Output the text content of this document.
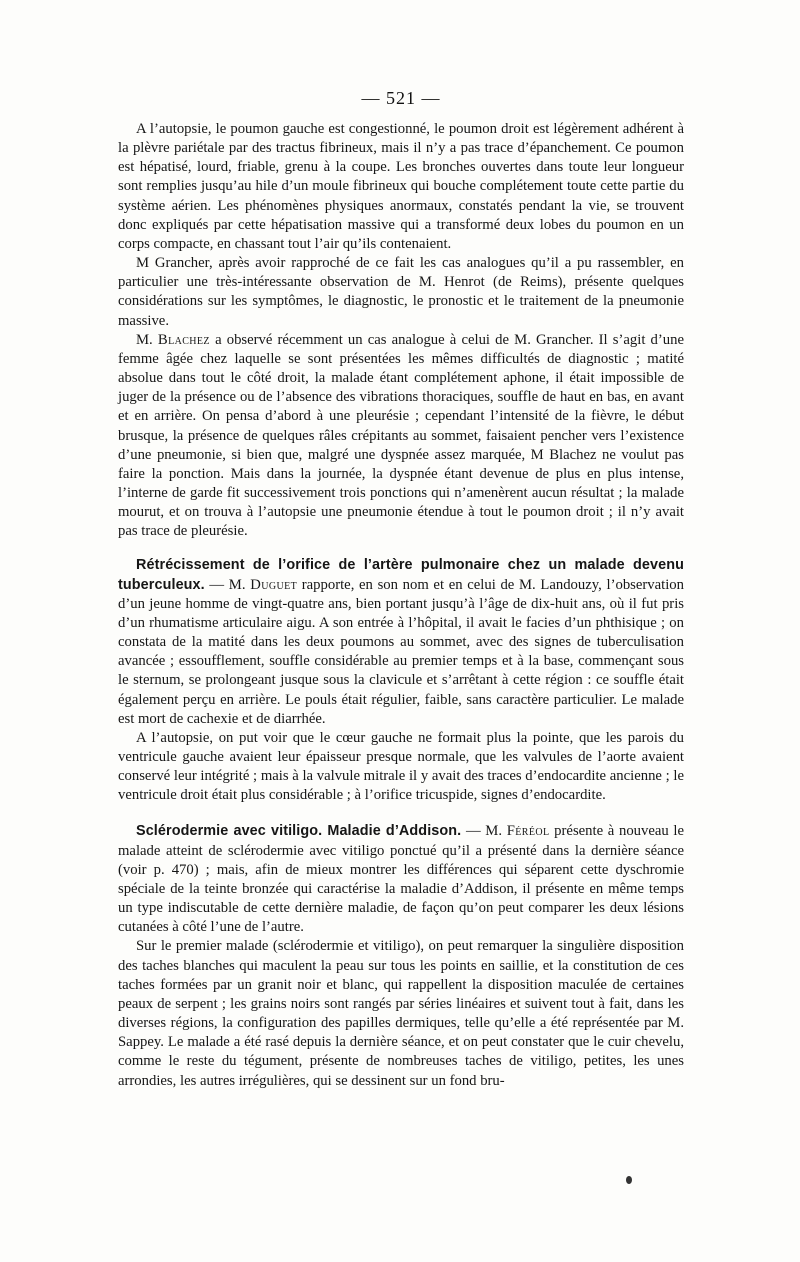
— 521 —

A l’autopsie, le poumon gauche est congestionné, le poumon droit est légèrement adhérent à la plèvre pariétale par des tractus fibrineux, mais il n’y a pas trace d’épanchement. Ce poumon est hépatisé, lourd, friable, grenu à la coupe. Les bronches ouvertes dans toute leur longueur sont remplies jusqu’au hile d’un moule fibrineux qui bouche complétement toute cette partie du système aérien. Les phénomènes physiques anormaux, constatés pendant la vie, se trouvent donc expliqués par cette hépatisation massive qui a transformé deux lobes du poumon en un corps compacte, en chassant tout l’air qu’ils contenaient.

M Grancher, après avoir rapproché de ce fait les cas analogues qu’il a pu rassembler, en particulier une très-intéressante observation de M. Henrot (de Reims), présente quelques considérations sur les symptômes, le diagnostic, le pronostic et le traitement de la pneumonie massive.

M. Blachez a observé récemment un cas analogue à celui de M. Grancher. Il s’agit d’une femme âgée chez laquelle se sont présentées les mêmes difficultés de diagnostic ; matité absolue dans tout le côté droit, la malade étant complétement aphone, il était impossible de juger de la présence ou de l’absence des vibrations thoraciques, souffle de haut en bas, en avant et en arrière. On pensa d’abord à une pleurésie ; cependant l’intensité de la fièvre, le début brusque, la présence de quelques râles crépitants au sommet, faisaient pencher vers l’existence d’une pneumonie, si bien que, malgré une dyspnée assez marquée, M Blachez ne voulut pas faire la ponction. Mais dans la journée, la dyspnée étant devenue de plus en plus intense, l’interne de garde fit successivement trois ponctions qui n’amenèrent aucun résultat ; la malade mourut, et on trouva à l’autopsie une pneumonie étendue à tout le poumon droit ; il n’y avait pas trace de pleurésie.

Rétrécissement de l’orifice de l’artère pulmonaire chez un malade devenu tuberculeux. — M. Duguet rapporte, en son nom et en celui de M. Landouzy, l’observation d’un jeune homme de vingt-quatre ans, bien portant jusqu’à l’âge de dix-huit ans, où il fut pris d’un rhumatisme articulaire aigu. A son entrée à l’hôpital, il avait le facies d’un phthisique ; on constata de la matité dans les deux poumons au sommet, avec des signes de tuberculisation avancée ; essoufflement, souffle considérable au premier temps et à la base, commençant sous le sternum, se prolongeant jusque sous la clavicule et s’arrêtant à cette région : ce souffle était également perçu en arrière. Le pouls était régulier, faible, sans caractère particulier. Le malade est mort de cachexie et de diarrhée.

A l’autopsie, on put voir que le cœur gauche ne formait plus la pointe, que les parois du ventricule gauche avaient leur épaisseur presque normale, que les valvules de l’aorte avaient conservé leur intégrité ; mais à la valvule mitrale il y avait des traces d’endocardite ancienne ; le ventricule droit était plus considérable ; à l’orifice tricuspide, signes d’endocardite.

Sclérodermie avec vitiligo. Maladie d’Addison. — M. Féréol présente à nouveau le malade atteint de sclérodermie avec vitiligo ponctué qu’il a présenté dans la dernière séance (voir p. 470) ; mais, afin de mieux montrer les différences qui séparent cette dyschromie spéciale de la teinte bronzée qui caractérise la maladie d’Addison, il présente en même temps un type indiscutable de cette dernière maladie, de façon qu’on peut comparer les deux lésions cutanées à côté l’une de l’autre.

Sur le premier malade (sclérodermie et vitiligo), on peut remarquer la singulière disposition des taches blanches qui maculent la peau sur tous les points en saillie, et la constitution de ces taches formées par un granit noir et blanc, qui rappellent la disposition maculée de certaines peaux de serpent ; les grains noirs sont rangés par séries linéaires et suivent tout à fait, dans les diverses régions, la configuration des papilles dermiques, telle qu’elle a été représentée par M. Sappey. Le malade a été rasé depuis la dernière séance, et on peut constater que le cuir chevelu, comme le reste du tégument, présente de nombreuses taches de vitiligo, petites, les unes arrondies, les autres irrégulières, qui se dessinent sur un fond bru-
